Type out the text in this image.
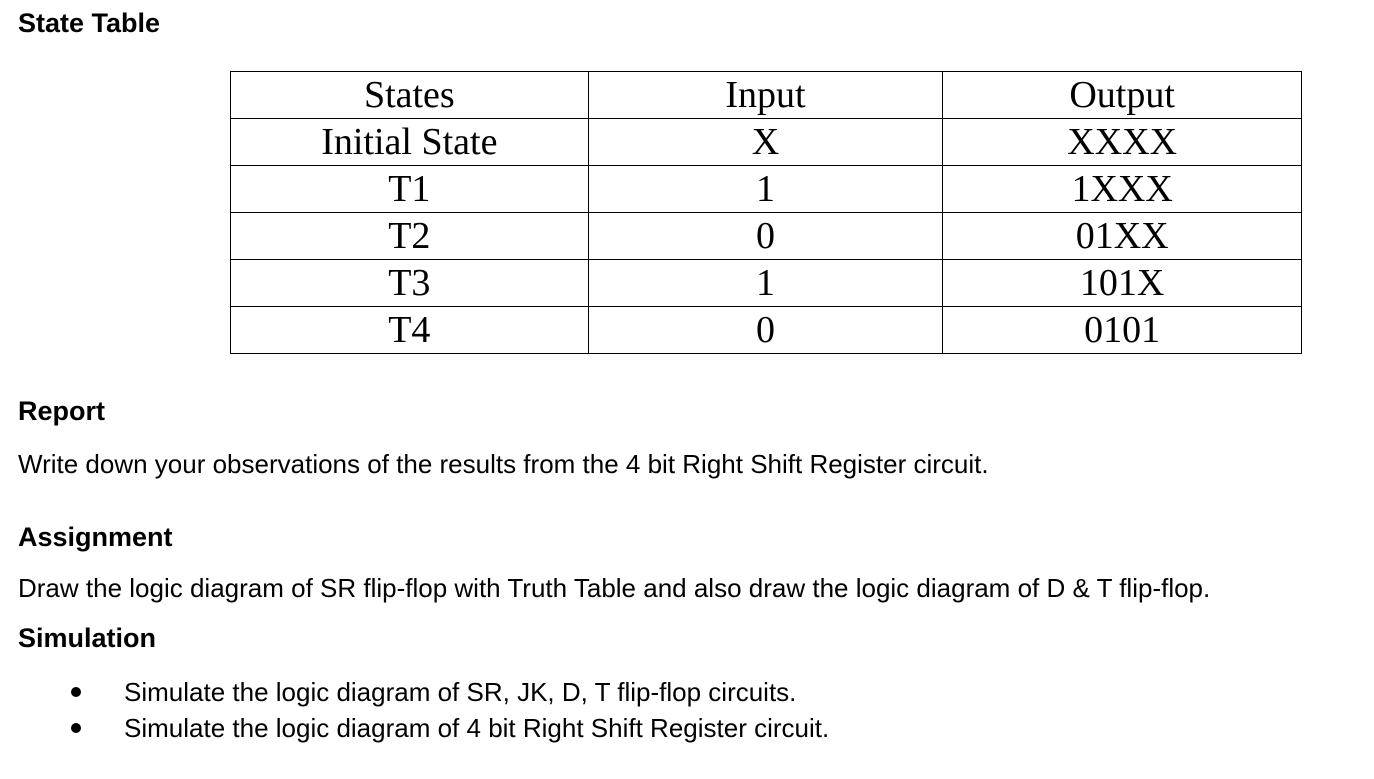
State Table
States	Input	Output
Initial State	X	XXXX
T1	1	1XXX
T2	0	01XX
T3	1	101X
T4	0	0101
Report

Write down your observations of the results from the 4 bit Right Shift Register circuit.

Assignment

Draw the logic diagram of SR flip-flop with Truth Table and also draw the logic diagram of D & T flip-flop.

Simulation
Simulate the logic diagram of SR, JK, D, T flip-flop circuits.
Simulate the logic diagram of 4 bit Right Shift Register circuit.
